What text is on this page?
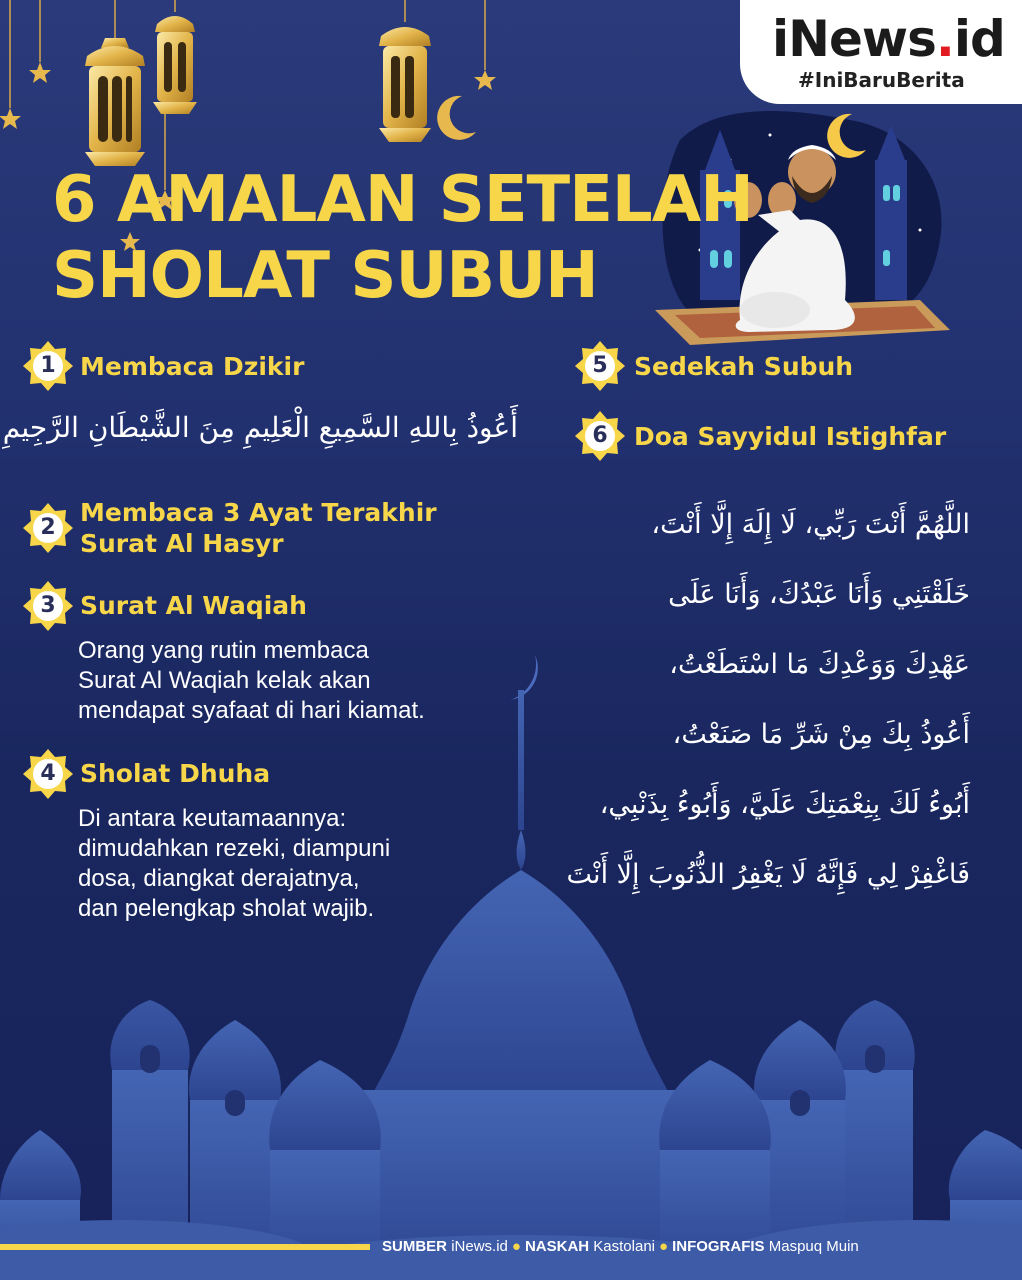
iNews.id
#IniBaruBerita
6 AMALAN SETELAH
SHOLAT SUBUH
1 Membaca Dzikir
أَعُوذُ بِاللهِ السَّمِيعِ الْعَلِيمِ مِنَ الشَّيْطَانِ الرَّجِيمِ
2
Membaca 3 Ayat Terakhir
Surat Al Hasyr
3 Surat Al Waqiah
Orang yang rutin membaca
Surat Al Waqiah kelak akan
mendapat syafaat di hari kiamat.
4 Sholat Dhuha
Di antara keutamaannya:
dimudahkan rezeki, diampuni
dosa, diangkat derajatnya,
dan pelengkap sholat wajib.
5	Sedekah Subuh
6	Doa Sayyidul Istighfar
اللَّهُمَّ أَنْتَ رَبِّي، لَا إِلَهَ إِلَّا أَنْتَ،
خَلَقْتَنِي وَأَنَا عَبْدُكَ، وَأَنَا عَلَى
عَهْدِكَ وَوَعْدِكَ مَا اسْتَطَعْتُ،
أَعُوذُ بِكَ مِنْ شَرِّ مَا صَنَعْتُ،
أَبُوءُ لَكَ بِنِعْمَتِكَ عَلَيَّ، وَأَبُوءُ بِذَنْبِي،
فَاغْفِرْ لِي فَإِنَّهُ لَا يَغْفِرُ الذُّنُوبَ إِلَّا أَنْتَ
SUMBER iNews.id ● NASKAH Kastolani ● INFOGRAFIS Maspuq Muin
